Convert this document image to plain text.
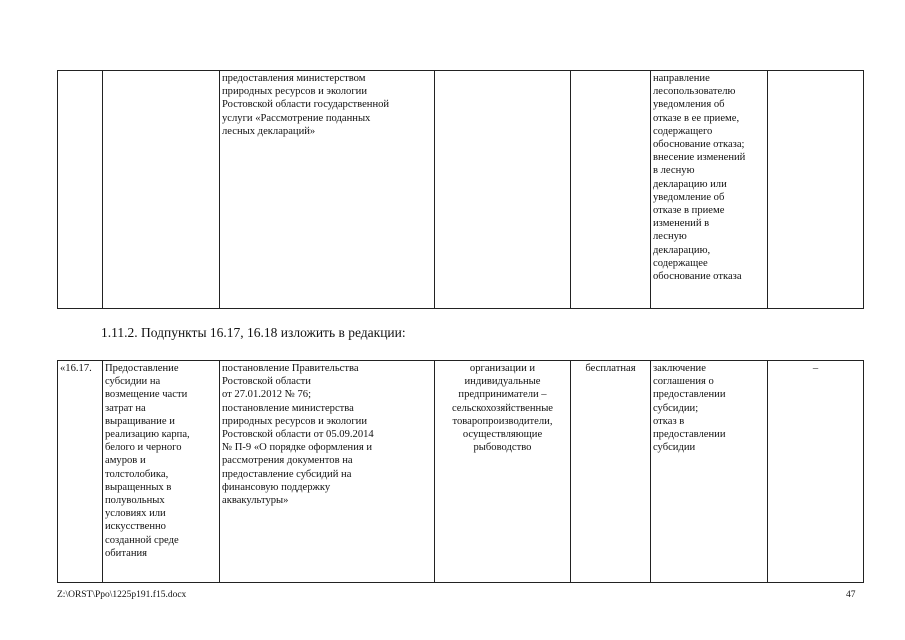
		предоставления министерством
природных ресурсов и экологии
Ростовской области государственной
услуги «Рассмотрение поданных
лесных деклараций»			направление
лесопользователю
уведомления об
отказе в ее приеме,
содержащего
обоснование отказа;
внесение изменений
в лесную
декларацию или
уведомление об
отказе в приеме
изменений в
лесную
декларацию,
содержащее
обоснование отказа	
1.11.2. Подпункты 16.17, 16.18 изложить в редакции:
«16.17.	Предоставление
субсидии на
возмещение части
затрат на
выращивание и
реализацию карпа,
белого и черного
амуров и
толстолобика,
выращенных в
полувольных
условиях или
искусственно
созданной среде
обитания	постановление Правительства
Ростовской области
от 27.01.2012 № 76;
постановление министерства
природных ресурсов и экологии
Ростовской области от 05.09.2014
№ П-9 «О порядке оформления и
рассмотрения документов на
предоставление субсидий на
финансовую поддержку
аквакультуры»	организации и
индивидуальные
предприниматели –
сельскохозяйственные
товаропроизводители,
осуществляющие
рыбоводство	бесплатная	заключение
соглашения о
предоставлении
субсидии;
отказ в
предоставлении
субсидии	–
Z:\ORST\Ppo\1225p191.f15.docx	47
